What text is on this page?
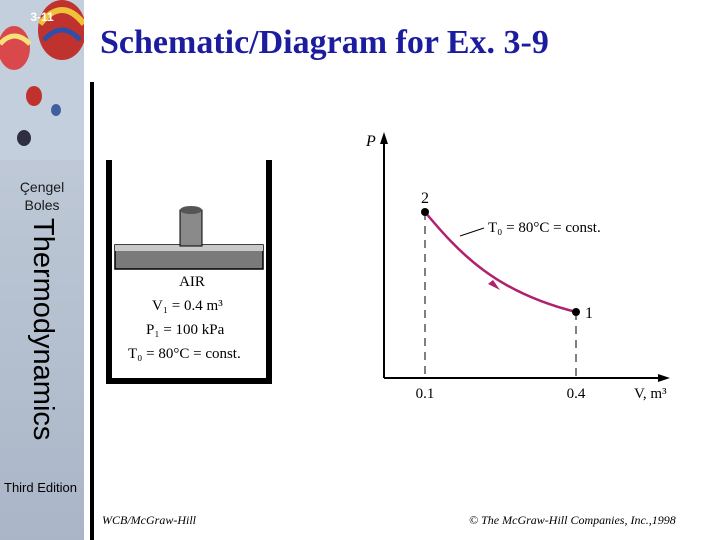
3-11
Çengel
Boles
Thermodynamics
Third Edition
Schematic/Diagram for Ex. 3-9
AIR
V₁ = 0.4 m³
P₁ = 100 kPa
T₀ = 80°C = const.
P
V, m³
0.1	0.4
2
1
T₀ = 80°C = const.
WCB/McGraw-Hill	© The McGraw-Hill Companies, Inc.,1998
